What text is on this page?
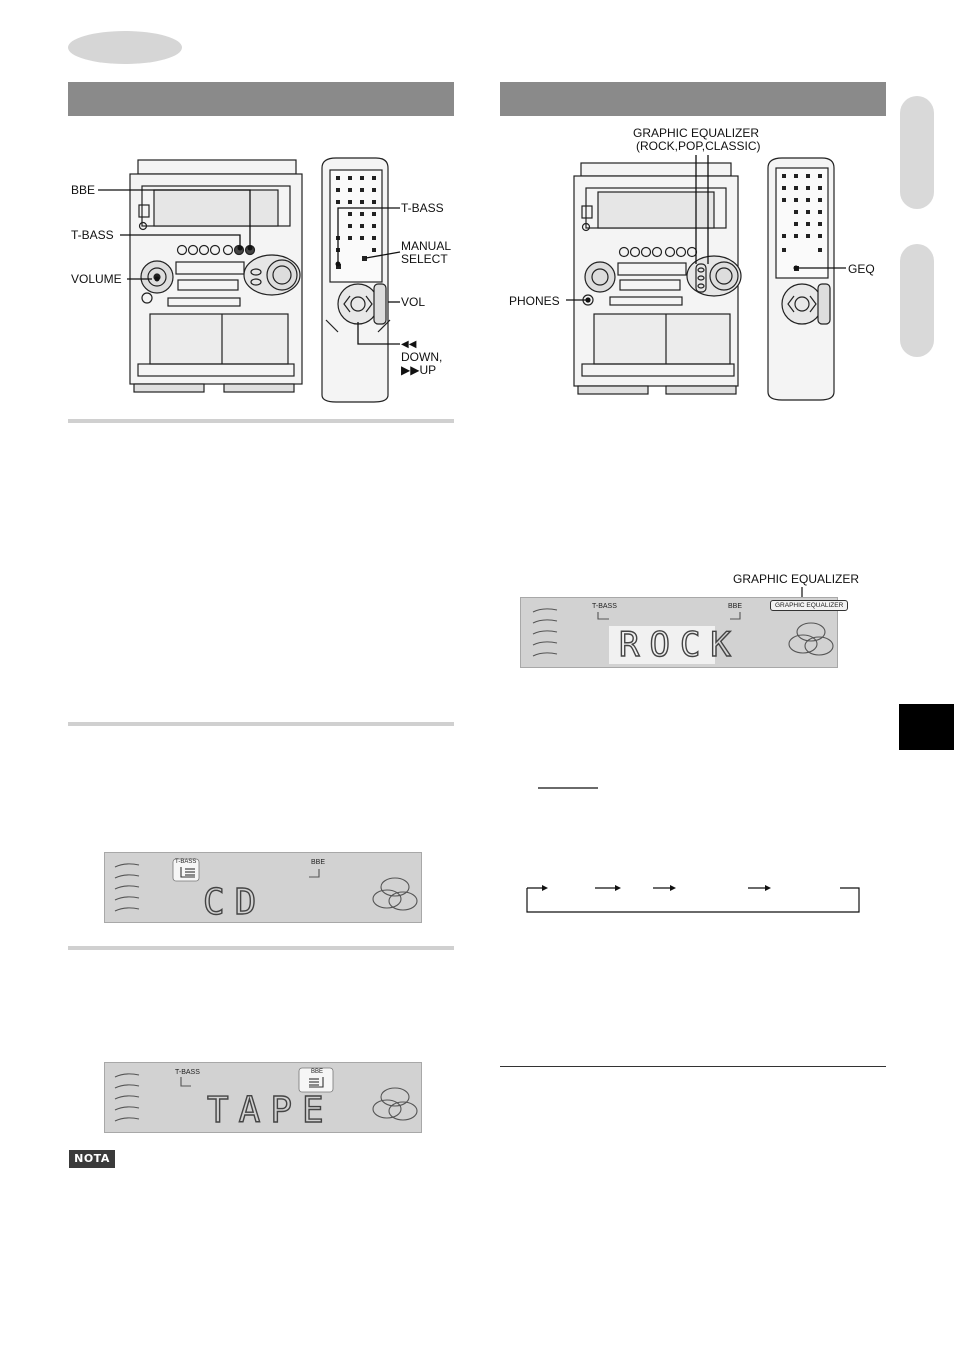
BBE
T-BASS
VOLUME
T-BASS
MANUAL
SELECT
VOL
◀◀
DOWN,
▶▶UP
GRAPHIC EQUALIZER
(ROCK,POP,CLASSIC)
PHONES
GEQ
GRAPHIC EQUALIZER
T-BASS	BBE	GRAPHIC EQUALIZER
ROCK
T-BASS	BBE
CD
T-BASS	BBE
TAPE
NOTA
